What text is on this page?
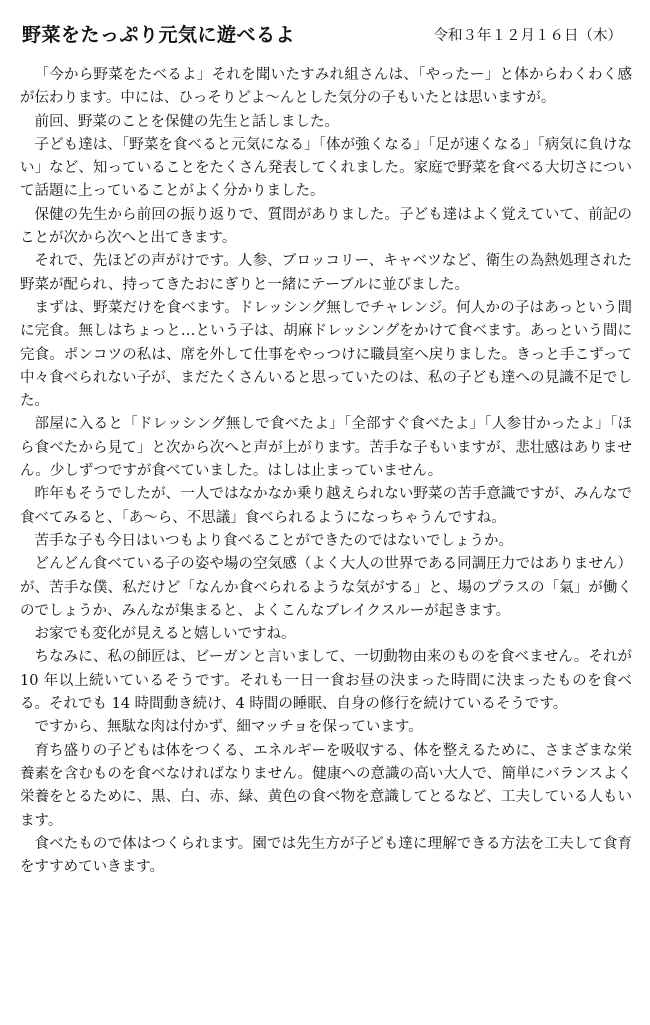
野菜をたっぷり元気に遊べるよ	令和３年１２月１６日（木）

「今から野菜をたべるよ」それを聞いたすみれ組さんは、「やったー」と体からわくわく感が伝わります。中には、ひっそりどよ～んとした気分の子もいたとは思いますが。

前回、野菜のことを保健の先生と話しました。

子ども達は、「野菜を食べると元気になる」「体が強くなる」「足が速くなる」「病気に負けない」など、知っていることをたくさん発表してくれました。家庭で野菜を食べる大切さについて話題に上っていることがよく分かりました。

保健の先生から前回の振り返りで、質問がありました。子ども達はよく覚えていて、前記のことが次から次へと出てきます。

それで、先ほどの声がけです。人参、ブロッコリー、キャベツなど、衛生の為熱処理された野菜が配られ、持ってきたおにぎりと一緒にテーブルに並びました。

まずは、野菜だけを食べます。ドレッシング無しでチャレンジ。何人かの子はあっという間に完食。無しはちょっと…という子は、胡麻ドレッシングをかけて食べます。あっという間に完食。ポンコツの私は、席を外して仕事をやっつけに職員室へ戻りました。きっと手こずって中々食べられない子が、まだたくさんいると思っていたのは、私の子ども達への見識不足でした。

部屋に入ると「ドレッシング無しで食べたよ」「全部すぐ食べたよ」「人参甘かったよ」「ほら食べたから見て」と次から次へと声が上がります。苦手な子もいますが、悲壮感はありません。少しずつですが食べていました。はしは止まっていません。

昨年もそうでしたが、一人ではなかなか乗り越えられない野菜の苦手意識ですが、みんなで食べてみると、「あ～ら、不思議」食べられるようになっちゃうんですね。

苦手な子も今日はいつもより食べることができたのではないでしょうか。

どんどん食べている子の姿や場の空気感（よく大人の世界である同調圧力ではありません）が、苦手な僕、私だけど「なんか食べられるような気がする」と、場のプラスの「氣」が働くのでしょうか、みんなが集まると、よくこんなブレイクスルーが起きます。

お家でも変化が見えると嬉しいですね。

ちなみに、私の師匠は、ビーガンと言いまして、一切動物由来のものを食べません。それが 10 年以上続いているそうです。それも一日一食お昼の決まった時間に決まったものを食べる。それでも 14 時間動き続け、4 時間の睡眠、自身の修行を続けているそうです。

ですから、無駄な肉は付かず、細マッチョを保っています。

育ち盛りの子どもは体をつくる、エネルギーを吸収する、体を整えるために、さまざまな栄養素を含むものを食べなければなりません。健康への意識の高い大人で、簡単にバランスよく栄養をとるために、黒、白、赤、緑、黄色の食べ物を意識してとるなど、工夫している人もいます。

食べたもので体はつくられます。園では先生方が子ども達に理解できる方法を工夫して食育をすすめていきます。
